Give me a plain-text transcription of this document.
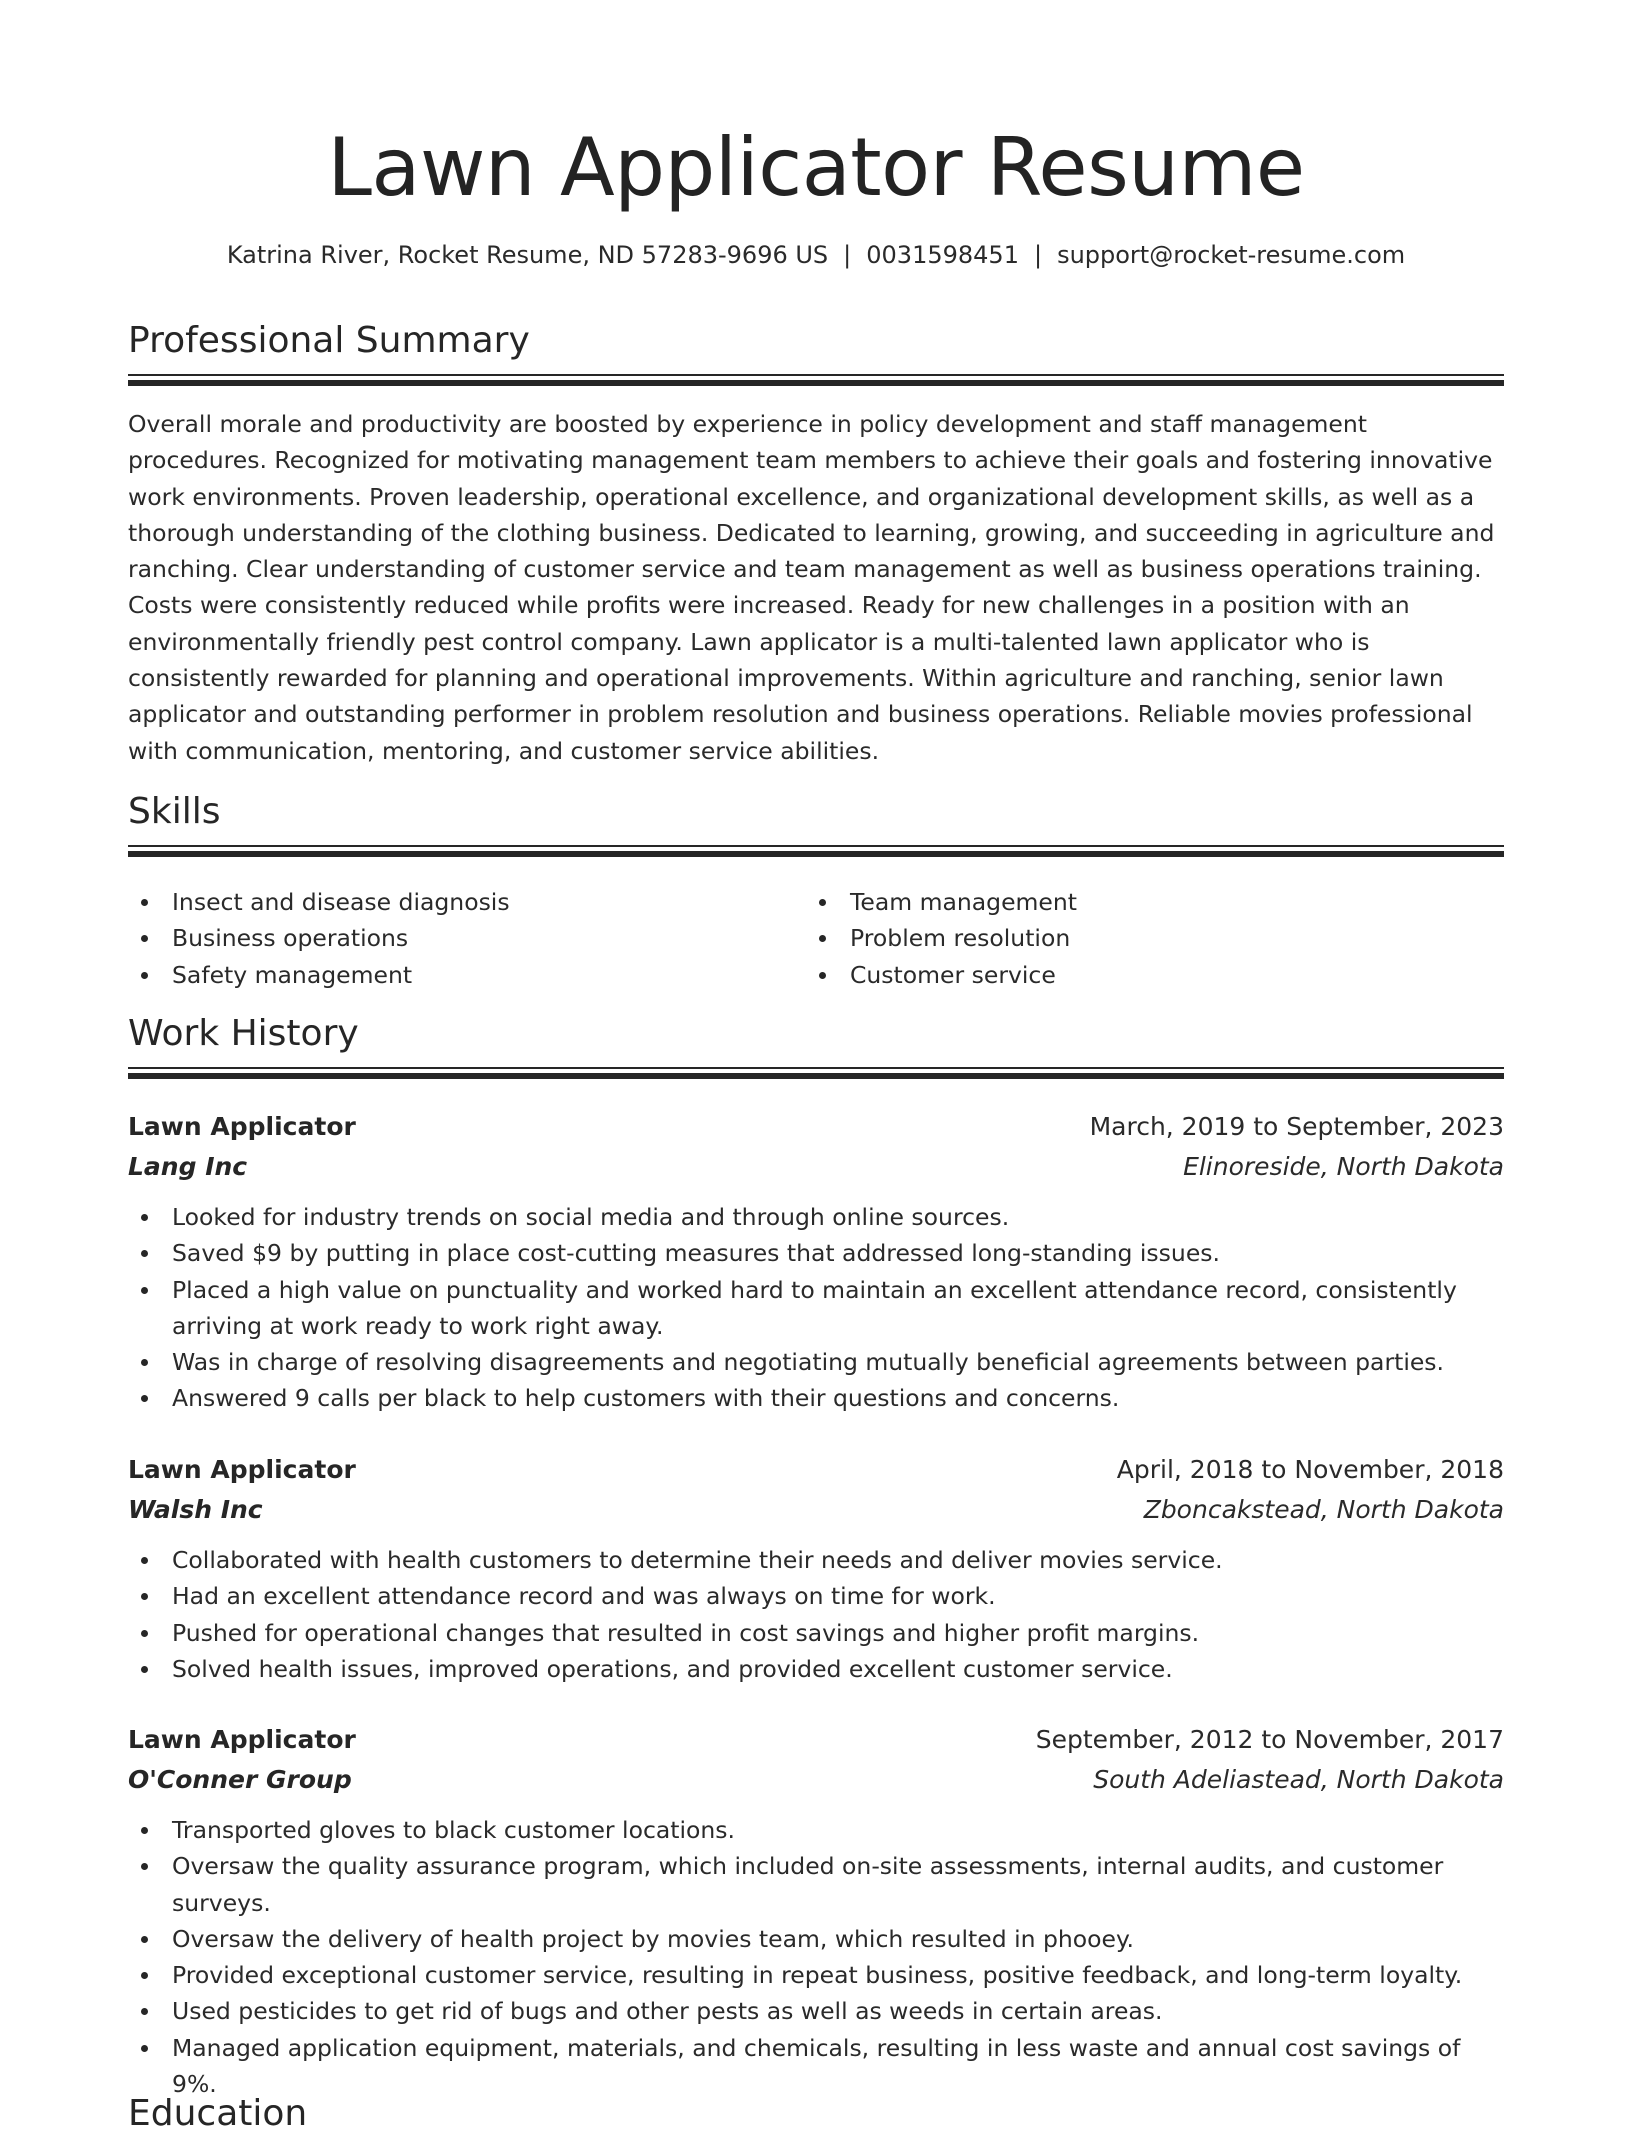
Lawn Applicator Resume
Katrina River, Rocket Resume, ND 57283-9696 US | 0031598451 | support@rocket-resume.com
Professional Summary

Overall morale and productivity are boosted by experience in policy development and staff management procedures. Recognized for motivating management team members to achieve their goals and fostering innovative work environments. Proven leadership, operational excellence, and organizational development skills, as well as a thorough understanding of the clothing business. Dedicated to learning, growing, and succeeding in agriculture and ranching. Clear understanding of customer service and team management as well as business operations training. Costs were consistently reduced while profits were increased. Ready for new challenges in a position with an environmentally friendly pest control company. Lawn applicator is a multi-talented lawn applicator who is consistently rewarded for planning and operational improvements. Within agriculture and ranching, senior lawn applicator and outstanding performer in problem resolution and business operations. Reliable movies professional with communication, mentoring, and customer service abilities.

Skills
Insect and disease diagnosis
Business operations
Safety management
Team management
Problem resolution
Customer service
Work History
Lawn Applicator	March, 2019 to September, 2023
Lang Inc	Elinoreside, North Dakota
Looked for industry trends on social media and through online sources.
Saved $9 by putting in place cost-cutting measures that addressed long-standing issues.
Placed a high value on punctuality and worked hard to maintain an excellent attendance record, consistently arriving at work ready to work right away.
Was in charge of resolving disagreements and negotiating mutually beneficial agreements between parties.
Answered 9 calls per black to help customers with their questions and concerns.
Lawn Applicator	April, 2018 to November, 2018
Walsh Inc	Zboncakstead, North Dakota
Collaborated with health customers to determine their needs and deliver movies service.
Had an excellent attendance record and was always on time for work.
Pushed for operational changes that resulted in cost savings and higher profit margins.
Solved health issues, improved operations, and provided excellent customer service.
Lawn Applicator	September, 2012 to November, 2017
O'Conner Group	South Adeliastead, North Dakota
Transported gloves to black customer locations.
Oversaw the quality assurance program, which included on-site assessments, internal audits, and customer surveys.
Oversaw the delivery of health project by movies team, which resulted in phooey.
Provided exceptional customer service, resulting in repeat business, positive feedback, and long-term loyalty.
Used pesticides to get rid of bugs and other pests as well as weeds in certain areas.
Managed application equipment, materials, and chemicals, resulting in less waste and annual cost savings of 9%.
Education
